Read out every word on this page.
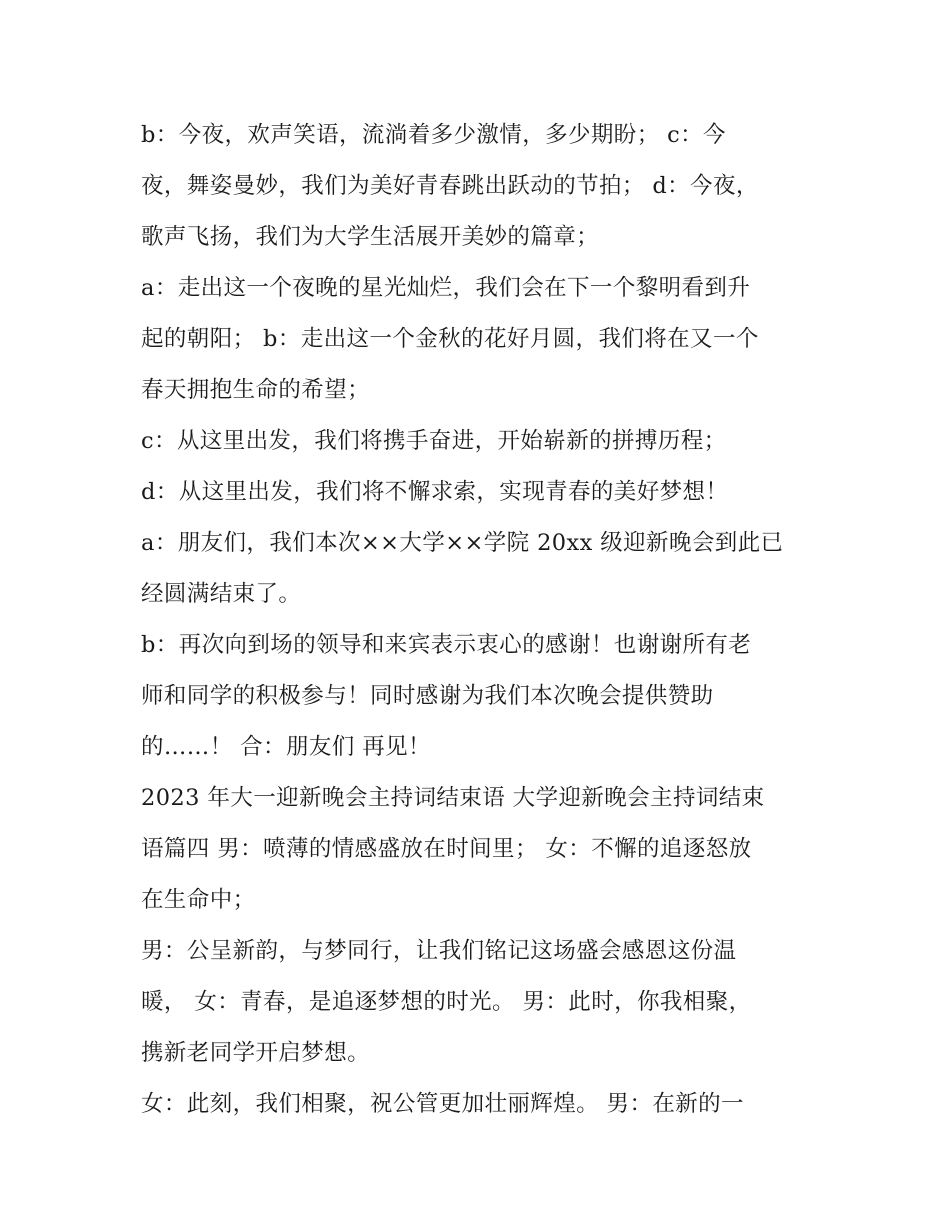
b：今夜，欢声笑语，流淌着多少激情，多少期盼； c：今
夜，舞姿曼妙，我们为美好青春跳出跃动的节拍； d：今夜，
歌声飞扬，我们为大学生活展开美妙的篇章；

a：走出这一个夜晚的星光灿烂，我们会在下一个黎明看到升
起的朝阳； b：走出这一个金秋的花好月圆，我们将在又一个
春天拥抱生命的希望；

c：从这里出发，我们将携手奋进，开始崭新的拼搏历程；

d：从这里出发，我们将不懈求索，实现青春的美好梦想！

a：朋友们，我们本次××大学××学院 20xx 级迎新晚会到此已
经圆满结束了。

b：再次向到场的领导和来宾表示衷心的感谢！也谢谢所有老
师和同学的积极参与！同时感谢为我们本次晚会提供赞助
的……！ 合：朋友们 再见！

2023 年大一迎新晚会主持词结束语 大学迎新晚会主持词结束
语篇四 男：喷薄的情感盛放在时间里； 女：不懈的追逐怒放
在生命中；

男：公呈新韵，与梦同行，让我们铭记这场盛会感恩这份温
暖， 女：青春，是追逐梦想的时光。 男：此时，你我相聚，
携新老同学开启梦想。

女：此刻，我们相聚，祝公管更加壮丽辉煌。 男：在新的一
